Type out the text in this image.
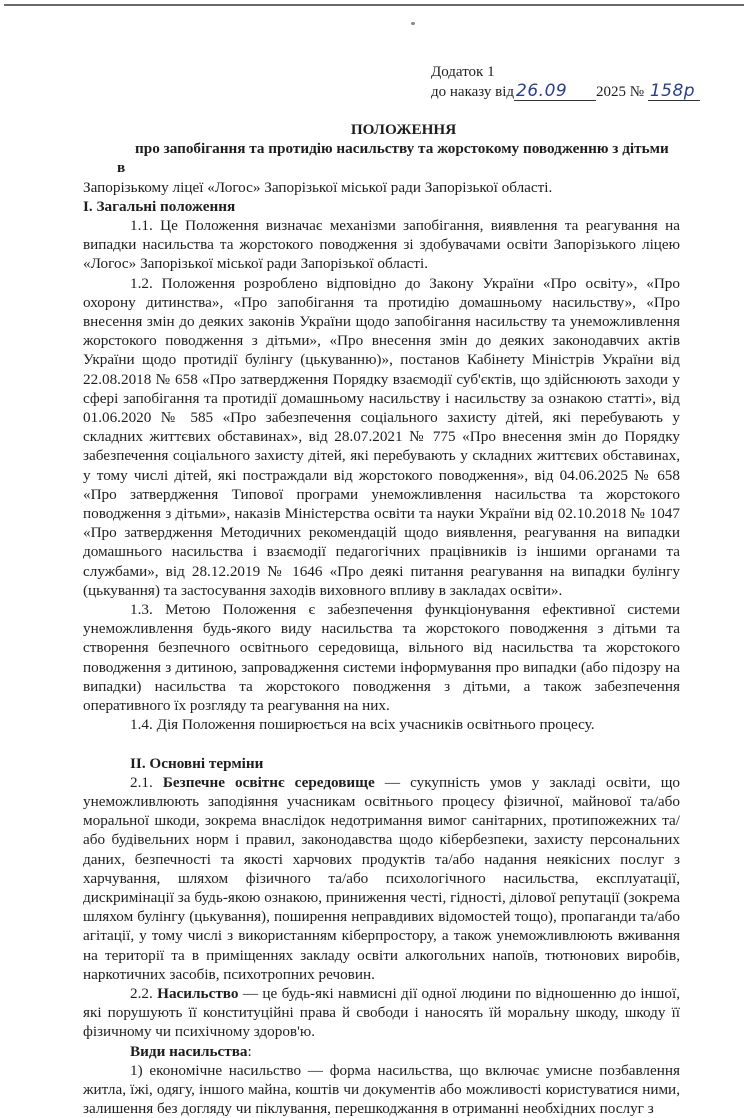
Додаток 1
до наказу від 26.09 2025 № 158р
ПОЛОЖЕННЯ
про запобігання та протидію насильству та жорстокому поводженню з дітьми в

Запорізькому ліцеї «Логос» Запорізької міської ради Запорізької області.

І. Загальні положення

1.1. Це Положення визначає механізми запобігання, виявлення та реагування на випадки насильства та жорстокого поводження зі здобувачами освіти Запорізького ліцею «Логос» Запорізької міської ради Запорізької області.

1.2. Положення розроблено відповідно до Закону України «Про освіту», «Про охорону дитинства», «Про запобігання та протидію домашньому насильству», «Про внесення змін до деяких законів України щодо запобігання насильству та унеможливлення жорстокого поводження з дітьми», «Про внесення змін до деяких законодавчих актів України щодо протидії булінгу (цькуванню)», постанов Кабінету Міністрів України від 22.08.2018 № 658 «Про затвердження Порядку взаємодії суб'єктів, що здійснюють заходи у сфері запобігання та протидії домашньому насильству і насильству за ознакою статті», від 01.06.2020 № 585 «Про забезпечення соціального захисту дітей, які перебувають у складних життєвих обставинах», від 28.07.2021 № 775 «Про внесення змін до Порядку забезпечення соціального захисту дітей, які перебувають у складних життєвих обставинах, у тому числі дітей, які постраждали від жорстокого поводження», від 04.06.2025 № 658 «Про затвердження Типової програми унеможливлення насильства та жорстокого поводження з дітьми», наказів Міністерства освіти та науки України від 02.10.2018 № 1047 «Про затвердження Методичних рекомендацій щодо виявлення, реагування на випадки домашнього насильства і взаємодії педагогічних працівників із іншими органами та службами», від 28.12.2019 № 1646 «Про деякі питання реагування на випадки булінгу (цькування) та застосування заходів виховного впливу в закладах освіти».

1.3. Метою Положення є забезпечення функціонування ефективної системи унеможливлення будь-якого виду насильства та жорстокого поводження з дітьми та створення безпечного освітнього середовища, вільного від насильства та жорстокого поводження з дитиною, запровадження системи інформування про випадки (або підозру на випадки) насильства та жорстокого поводження з дітьми, а також забезпечення оперативного їх розгляду та реагування на них.

1.4. Дія Положення поширюється на всіх учасників освітнього процесу.

ІІ. Основні терміни

2.1. Безпечне освітнє середовище — сукупність умов у закладі освіти, що унеможливлюють заподіяння учасникам освітнього процесу фізичної, майнової та/або моральної шкоди, зокрема внаслідок недотримання вимог санітарних, протипожежних та/або будівельних норм і правил, законодавства щодо кібербезпеки, захисту персональних даних, безпечності та якості харчових продуктів та/або надання неякісних послуг з харчування, шляхом фізичного та/або психологічного насильства, експлуатації, дискримінації за будь-якою ознакою, приниження честі, гідності, ділової репутації (зокрема шляхом булінгу (цькування), поширення неправдивих відомостей тощо), пропаганди та/або агітації, у тому числі з використанням кіберпростору, а також унеможливлюють вживання на території та в приміщеннях закладу освіти алкогольних напоїв, тютюнових виробів, наркотичних засобів, психотропних речовин.

2.2. Насильство — це будь-які навмисні дії одної людини по відношенню до іншої, які порушують її конституційні права й свободи і наносять їй моральну шкоду, шкоду її фізичному чи психічному здоров'ю.

Види насильства:

1) економічне насильство — форма насильства, що включає умисне позбавлення житла, їжі, одягу, іншого майна, коштів чи документів або можливості користуватися ними, залишення без догляду чи піклування, перешкоджання в отриманні необхідних послуг з
